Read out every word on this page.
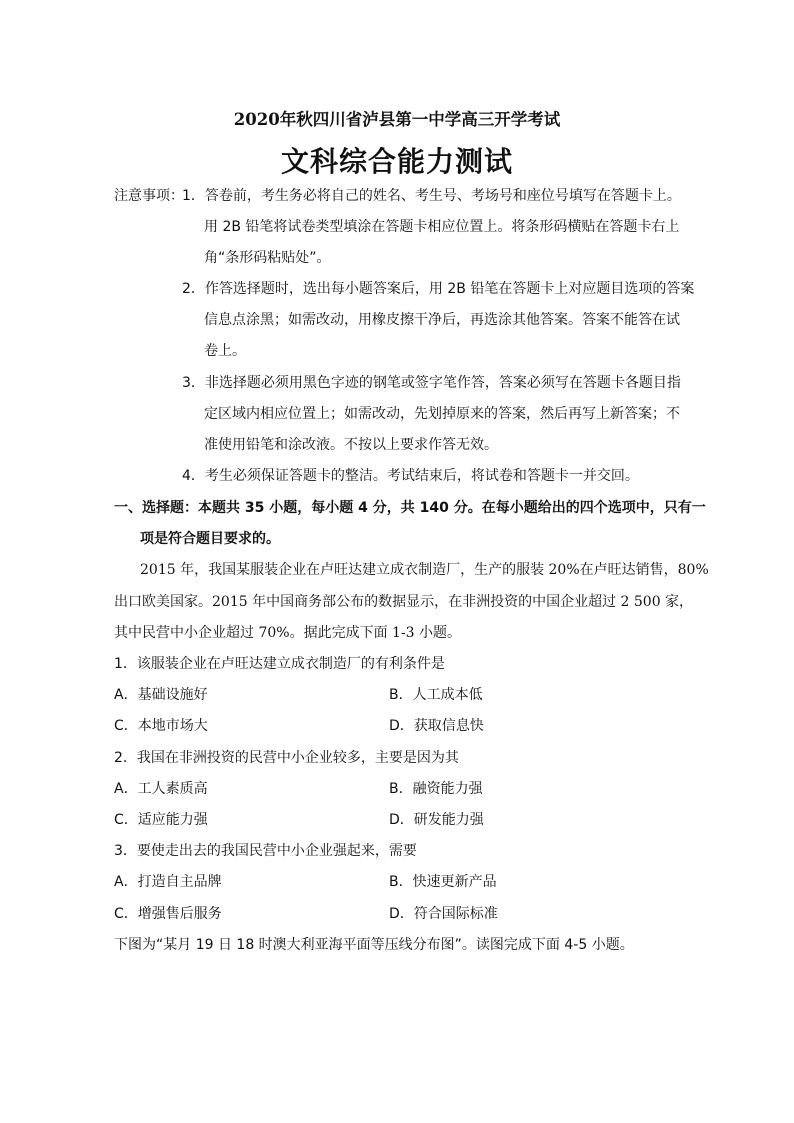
2020年秋四川省泸县第一中学高三开学考试
文科综合能力测试
注意事项：
1．答卷前，考生务必将自己的姓名、考生号、考场号和座位号填写在答题卡上。
用 2B 铅笔将试卷类型填涂在答题卡相应位置上。将条形码横贴在答题卡右上
角“条形码粘贴处”。
2．作答选择题时，选出每小题答案后，用 2B 铅笔在答题卡上对应题目选项的答案
信息点涂黑；如需改动，用橡皮擦干净后，再选涂其他答案。答案不能答在试
卷上。
3．非选择题必须用黑色字迹的钢笔或签字笔作答，答案必须写在答题卡各题目指
定区域内相应位置上；如需改动，先划掉原来的答案，然后再写上新答案；不
准使用铅笔和涂改液。不按以上要求作答无效。
4．考生必须保证答题卡的整洁。考试结束后，将试卷和答题卡一并交回。
一、选择题：本题共 35 小题，每小题 4 分，共 140 分。在每小题给出的四个选项中，只有一
项是符合题目要求的。
2015 年，我国某服装企业在卢旺达建立成衣制造厂，生产的服装 20%在卢旺达销售，80%
出口欧美国家。2015 年中国商务部公布的数据显示，在非洲投资的中国企业超过 2 500 家，
其中民营中小企业超过 70%。据此完成下面 1-3 小题。
1．该服装企业在卢旺达建立成衣制造厂的有利条件是
A．基础设施好	B．人工成本低
C．本地市场大	D．获取信息快
2．我国在非洲投资的民营中小企业较多，主要是因为其
A．工人素质高	B．融资能力强
C．适应能力强	D．研发能力强
3．要使走出去的我国民营中小企业强起来，需要
A．打造自主品牌	B．快速更新产品
C．增强售后服务	D．符合国际标准
下图为“某月 19 日 18 时澳大利亚海平面等压线分布图”。读图完成下面 4-5 小题。
